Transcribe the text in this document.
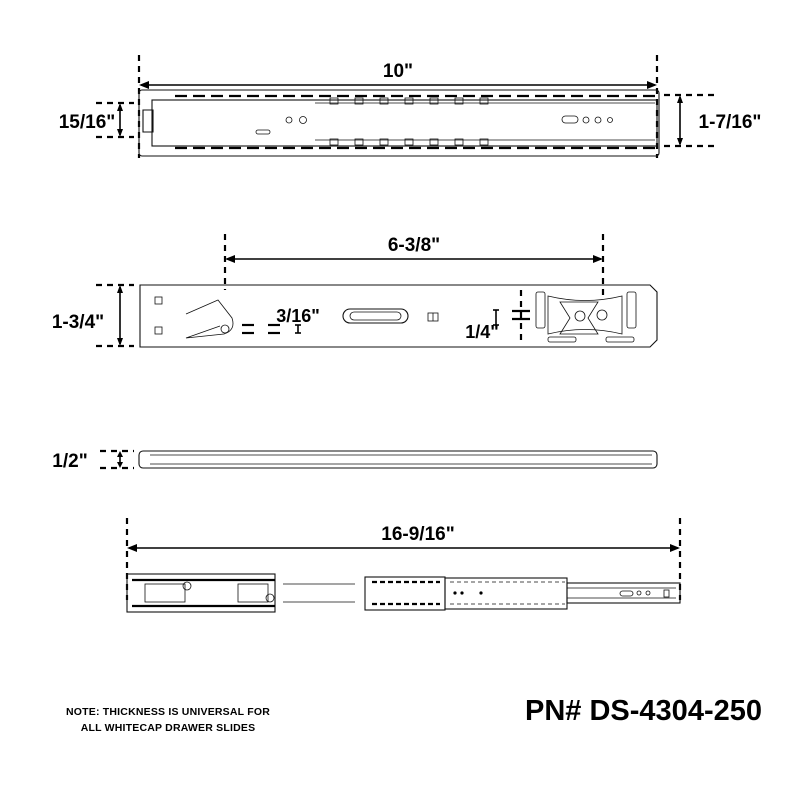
10"
15/16"	1-7/16"
6-3/8"
3/16"
1/4"
1-3/4"
1/2"
16-9/16"
NOTE: THICKNESS IS UNIVERSAL FOR
ALL WHITECAP DRAWER SLIDES
PN# DS-4304-250
